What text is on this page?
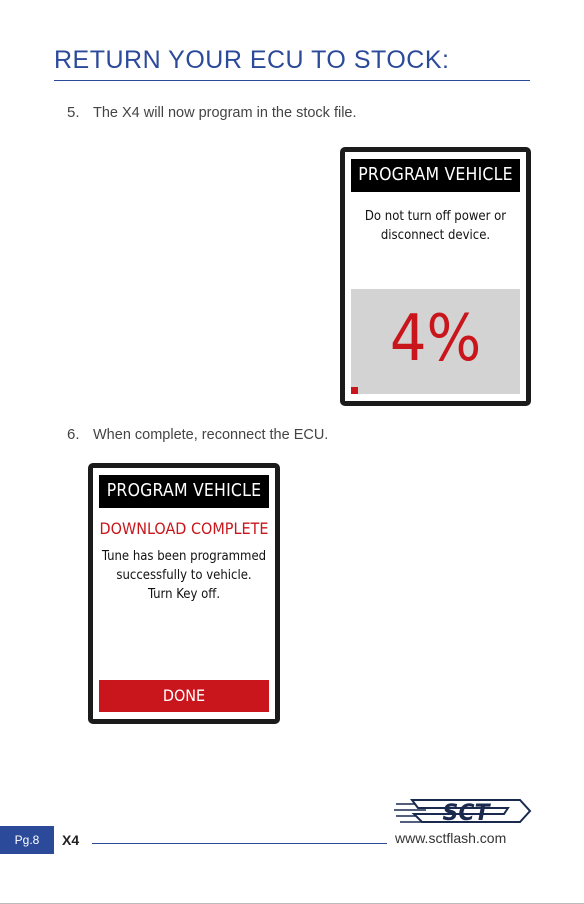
RETURN YOUR ECU TO STOCK:
5. The X4 will now program in the stock file.
PROGRAM VEHICLE
Do not turn off power or
disconnect device.
4%
6. When complete, reconnect the ECU.
PROGRAM VEHICLE
DOWNLOAD COMPLETE
Tune has been programmed
successfully to vehicle.
Turn Key off.
DONE
SCT
www.sctflash.com
Pg.8	X4
